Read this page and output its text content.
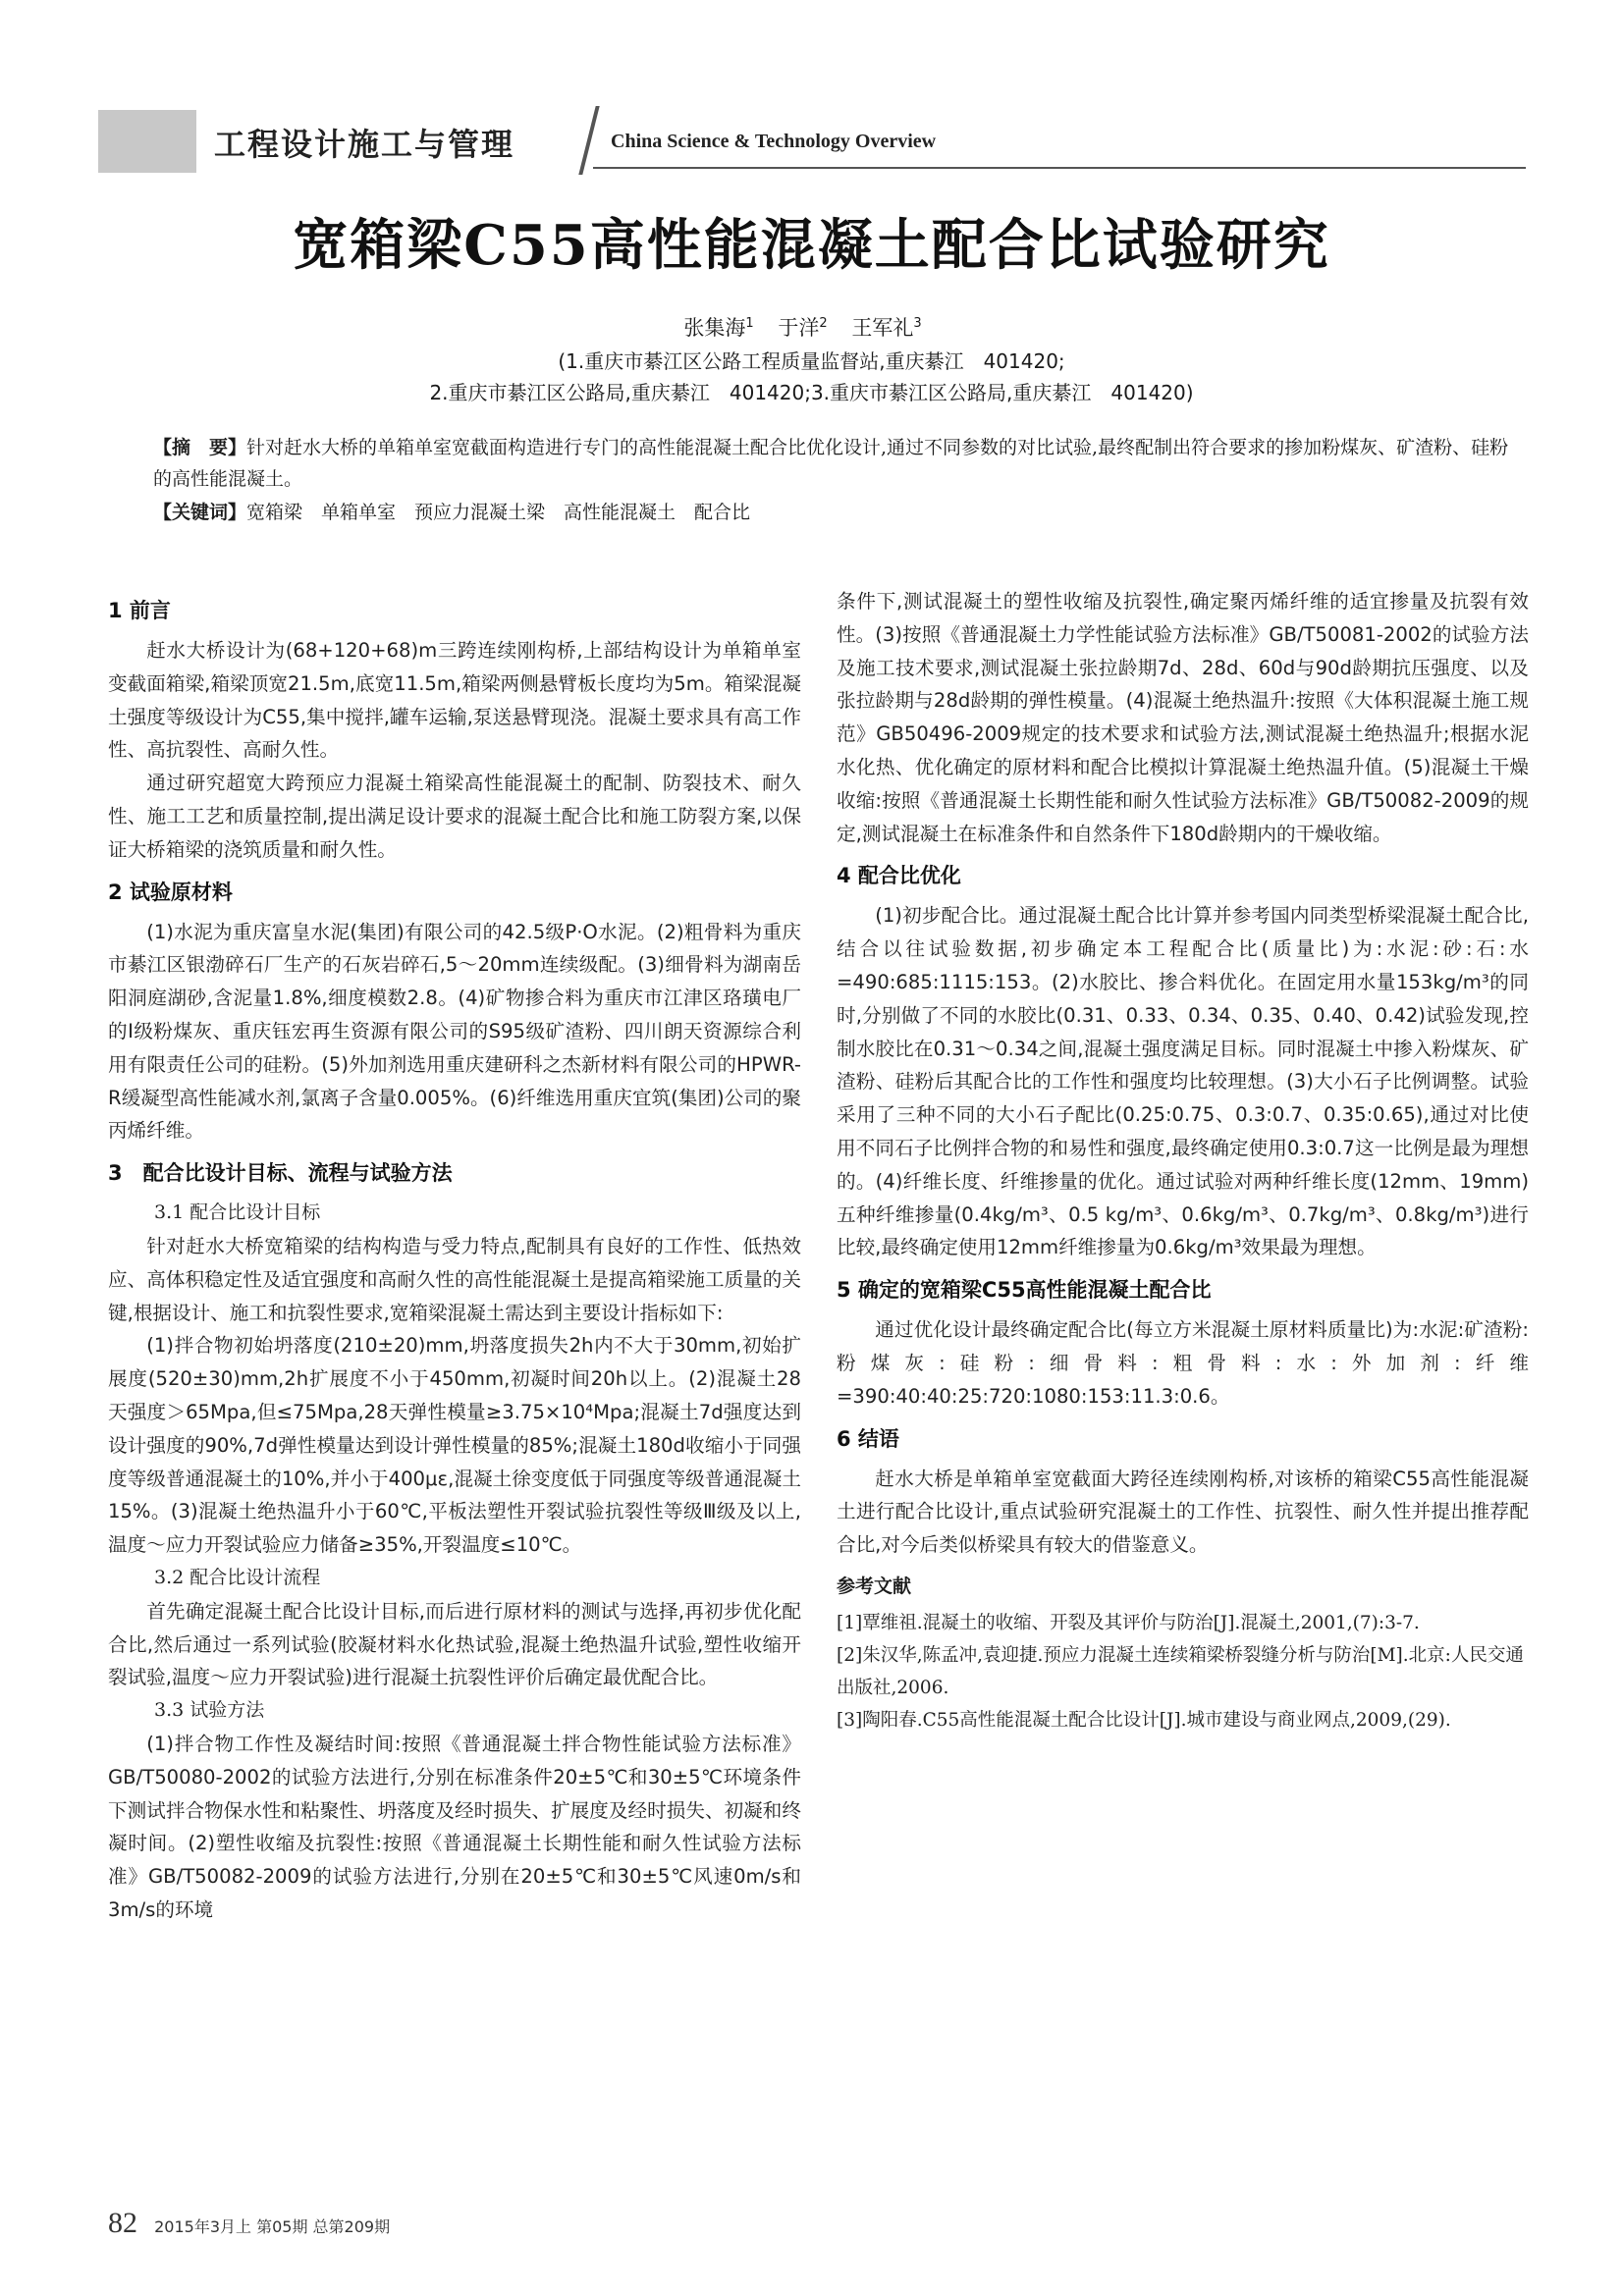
工程设计施工与管理	China Science & Technology Overview
宽箱梁C55高性能混凝土配合比试验研究
张集海$^1$ 于洋$^2$ 王军礼$^3$
(1.重庆市綦江区公路工程质量监督站,重庆綦江　401420;
2.重庆市綦江区公路局,重庆綦江　401420;3.重庆市綦江区公路局,重庆綦江　401420)
【摘　要】针对赶水大桥的单箱单室宽截面构造进行专门的高性能混凝土配合比优化设计,通过不同参数的对比试验,最终配制出符合要求的掺加粉煤灰、矿渣粉、硅粉的高性能混凝土。
【关键词】宽箱梁　单箱单室　预应力混凝土梁　高性能混凝土　配合比
1 前言

赶水大桥设计为(68+120+68)m三跨连续刚构桥,上部结构设计为单箱单室变截面箱梁,箱梁顶宽21.5m,底宽11.5m,箱梁两侧悬臂板长度均为5m。箱梁混凝土强度等级设计为C55,集中搅拌,罐车运输,泵送悬臂现浇。混凝土要求具有高工作性、高抗裂性、高耐久性。

通过研究超宽大跨预应力混凝土箱梁高性能混凝土的配制、防裂技术、耐久性、施工工艺和质量控制,提出满足设计要求的混凝土配合比和施工防裂方案,以保证大桥箱梁的浇筑质量和耐久性。

2 试验原材料

(1)水泥为重庆富皇水泥(集团)有限公司的42.5级P·O水泥。(2)粗骨料为重庆市綦江区银渤碎石厂生产的石灰岩碎石,5～20mm连续级配。(3)细骨料为湖南岳阳洞庭湖砂,含泥量1.8%,细度模数2.8。(4)矿物掺合料为重庆市江津区珞璜电厂的Ⅰ级粉煤灰、重庆钰宏再生资源有限公司的S95级矿渣粉、四川朗天资源综合利用有限责任公司的硅粉。(5)外加剂选用重庆建研科之杰新材料有限公司的HPWR-R缓凝型高性能减水剂,氯离子含量0.005%。(6)纤维选用重庆宜筑(集团)公司的聚丙烯纤维。

3　配合比设计目标、流程与试验方法
3.1 配合比设计目标

针对赶水大桥宽箱梁的结构构造与受力特点,配制具有良好的工作性、低热效应、高体积稳定性及适宜强度和高耐久性的高性能混凝土是提高箱梁施工质量的关键,根据设计、施工和抗裂性要求,宽箱梁混凝土需达到主要设计指标如下:

(1)拌合物初始坍落度(210±20)mm,坍落度损失2h内不大于30mm,初始扩展度(520±30)mm,2h扩展度不小于450mm,初凝时间20h以上。(2)混凝土28天强度＞65Mpa,但≤75Mpa,28天弹性模量≥3.75×10⁴Mpa;混凝土7d强度达到设计强度的90%,7d弹性模量达到设计弹性模量的85%;混凝土180d收缩小于同强度等级普通混凝土的10%,并小于400με,混凝土徐变度低于同强度等级普通混凝土15%。(3)混凝土绝热温升小于60℃,平板法塑性开裂试验抗裂性等级Ⅲ级及以上,温度～应力开裂试验应力储备≥35%,开裂温度≤10℃。

3.2 配合比设计流程

首先确定混凝土配合比设计目标,而后进行原材料的测试与选择,再初步优化配合比,然后通过一系列试验(胶凝材料水化热试验,混凝土绝热温升试验,塑性收缩开裂试验,温度～应力开裂试验)进行混凝土抗裂性评价后确定最优配合比。

3.3 试验方法

(1)拌合物工作性及凝结时间:按照《普通混凝土拌合物性能试验方法标准》GB/T50080-2002的试验方法进行,分别在标准条件20±5℃和30±5℃环境条件下测试拌合物保水性和粘聚性、坍落度及经时损失、扩展度及经时损失、初凝和终凝时间。(2)塑性收缩及抗裂性:按照《普通混凝土长期性能和耐久性试验方法标准》GB/T50082-2009的试验方法进行,分别在20±5℃和30±5℃风速0m/s和3m/s的环境

条件下,测试混凝土的塑性收缩及抗裂性,确定聚丙烯纤维的适宜掺量及抗裂有效性。(3)按照《普通混凝土力学性能试验方法标准》GB/T50081-2002的试验方法及施工技术要求,测试混凝土张拉龄期7d、28d、60d与90d龄期抗压强度、以及张拉龄期与28d龄期的弹性模量。(4)混凝土绝热温升:按照《大体积混凝土施工规范》GB50496-2009规定的技术要求和试验方法,测试混凝土绝热温升;根据水泥水化热、优化确定的原材料和配合比模拟计算混凝土绝热温升值。(5)混凝土干燥收缩:按照《普通混凝土长期性能和耐久性试验方法标准》GB/T50082-2009的规定,测试混凝土在标准条件和自然条件下180d龄期内的干燥收缩。

4 配合比优化

(1)初步配合比。通过混凝土配合比计算并参考国内同类型桥梁混凝土配合比,结合以往试验数据,初步确定本工程配合比(质量比)为:水泥:砂:石:水=490:685:1115:153。(2)水胶比、掺合料优化。在固定用水量153kg/m³的同时,分别做了不同的水胶比(0.31、0.33、0.34、0.35、0.40、0.42)试验发现,控制水胶比在0.31～0.34之间,混凝土强度满足目标。同时混凝土中掺入粉煤灰、矿渣粉、硅粉后其配合比的工作性和强度均比较理想。(3)大小石子比例调整。试验采用了三种不同的大小石子配比(0.25:0.75、0.3:0.7、0.35:0.65),通过对比使用不同石子比例拌合物的和易性和强度,最终确定使用0.3:0.7这一比例是最为理想的。(4)纤维长度、纤维掺量的优化。通过试验对两种纤维长度(12mm、19mm)五种纤维掺量(0.4kg/m³、0.5 kg/m³、0.6kg/m³、0.7kg/m³、0.8kg/m³)进行比较,最终确定使用12mm纤维掺量为0.6kg/m³效果最为理想。

5 确定的宽箱梁C55高性能混凝土配合比

通过优化设计最终确定配合比(每立方米混凝土原材料质量比)为:水泥:矿渣粉:粉煤灰:硅粉:细骨料:粗骨料:水:外加剂:纤维=390:40:40:25:720:1080:153:11.3:0.6。

6 结语

赶水大桥是单箱单室宽截面大跨径连续刚构桥,对该桥的箱梁C55高性能混凝土进行配合比设计,重点试验研究混凝土的工作性、抗裂性、耐久性并提出推荐配合比,对今后类似桥梁具有较大的借鉴意义。

参考文献

[1]覃维祖.混凝土的收缩、开裂及其评价与防治[J].混凝土,2001,(7):3-7.

[2]朱汉华,陈孟冲,袁迎捷.预应力混凝土连续箱梁桥裂缝分析与防治[M].北京:人民交通出版社,2006.

[3]陶阳春.C55高性能混凝土配合比设计[J].城市建设与商业网点,2009,(29).

82 2015年3月上 第05期 总第209期
